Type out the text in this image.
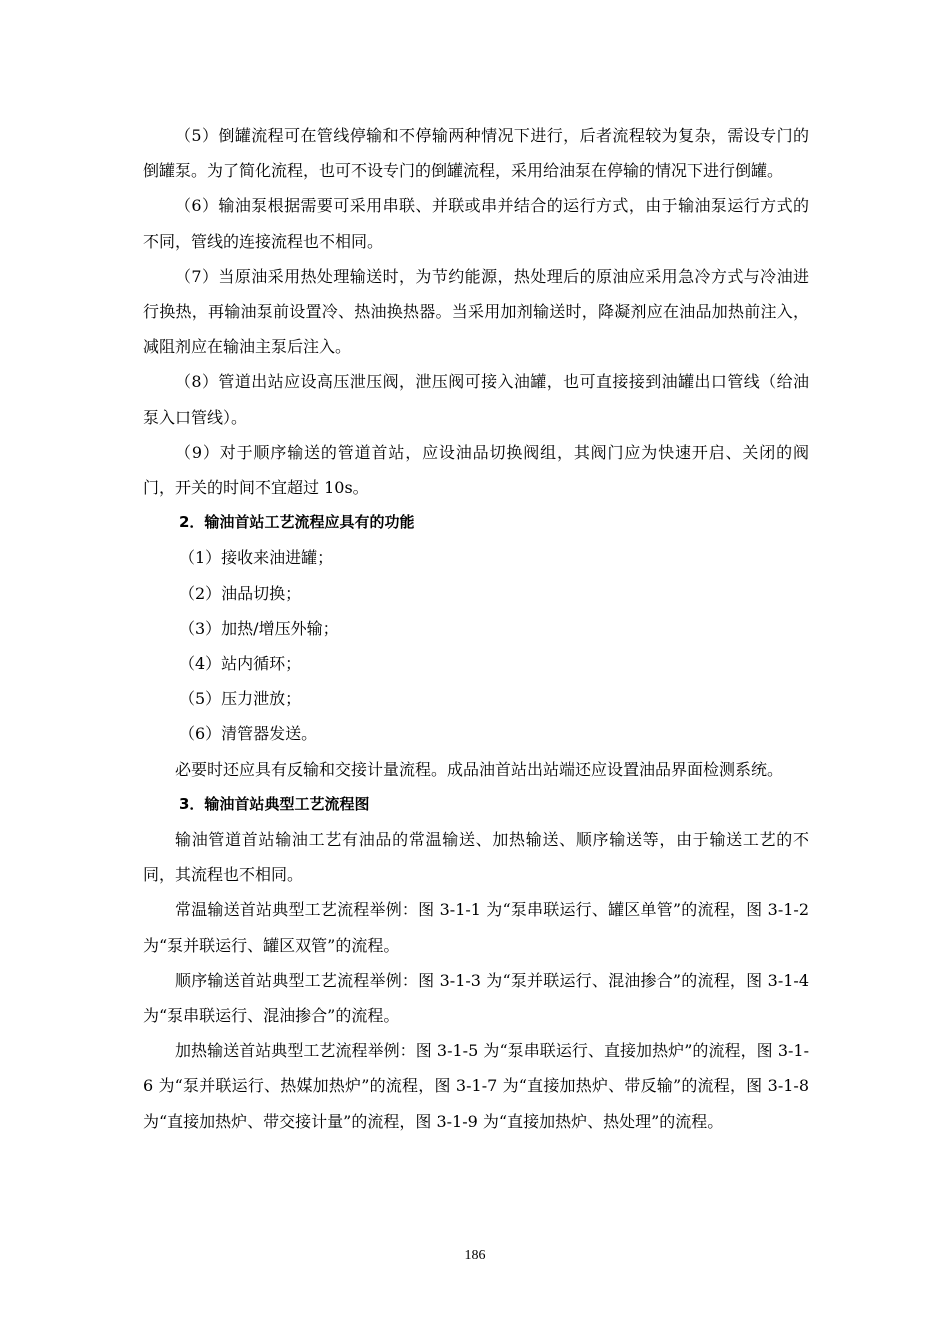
（5）倒罐流程可在管线停输和不停输两种情况下进行，后者流程较为复杂，需设专门的倒罐泵。为了简化流程，也可不设专门的倒罐流程，采用给油泵在停输的情况下进行倒罐。

（6）输油泵根据需要可采用串联、并联或串并结合的运行方式，由于输油泵运行方式的不同，管线的连接流程也不相同。

（7）当原油采用热处理输送时，为节约能源，热处理后的原油应采用急冷方式与冷油进行换热，再输油泵前设置冷、热油换热器。当采用加剂输送时，降凝剂应在油品加热前注入，减阻剂应在输油主泵后注入。

（8）管道出站应设高压泄压阀，泄压阀可接入油罐，也可直接接到油罐出口管线（给油泵入口管线）。

（9）对于顺序输送的管道首站，应设油品切换阀组，其阀门应为快速开启、关闭的阀门，开关的时间不宜超过 10s。

2．输油首站工艺流程应具有的功能

（1）接收来油进罐；

（2）油品切换；

（3）加热/增压外输；

（4）站内循环；

（5）压力泄放；

（6）清管器发送。

必要时还应具有反输和交接计量流程。成品油首站出站端还应设置油品界面检测系统。

3．输油首站典型工艺流程图

输油管道首站输油工艺有油品的常温输送、加热输送、顺序输送等，由于输送工艺的不同，其流程也不相同。

常温输送首站典型工艺流程举例：图 3-1-1 为“泵串联运行、罐区单管”的流程，图 3-1-2 为“泵并联运行、罐区双管”的流程。

顺序输送首站典型工艺流程举例：图 3-1-3 为“泵并联运行、混油掺合”的流程，图 3-1-4 为“泵串联运行、混油掺合”的流程。

加热输送首站典型工艺流程举例：图 3-1-5 为“泵串联运行、直接加热炉”的流程，图 3-1-6 为“泵并联运行、热媒加热炉”的流程，图 3-1-7 为“直接加热炉、带反输”的流程，图 3-1-8 为“直接加热炉、带交接计量”的流程，图 3-1-9 为“直接加热炉、热处理”的流程。

186
